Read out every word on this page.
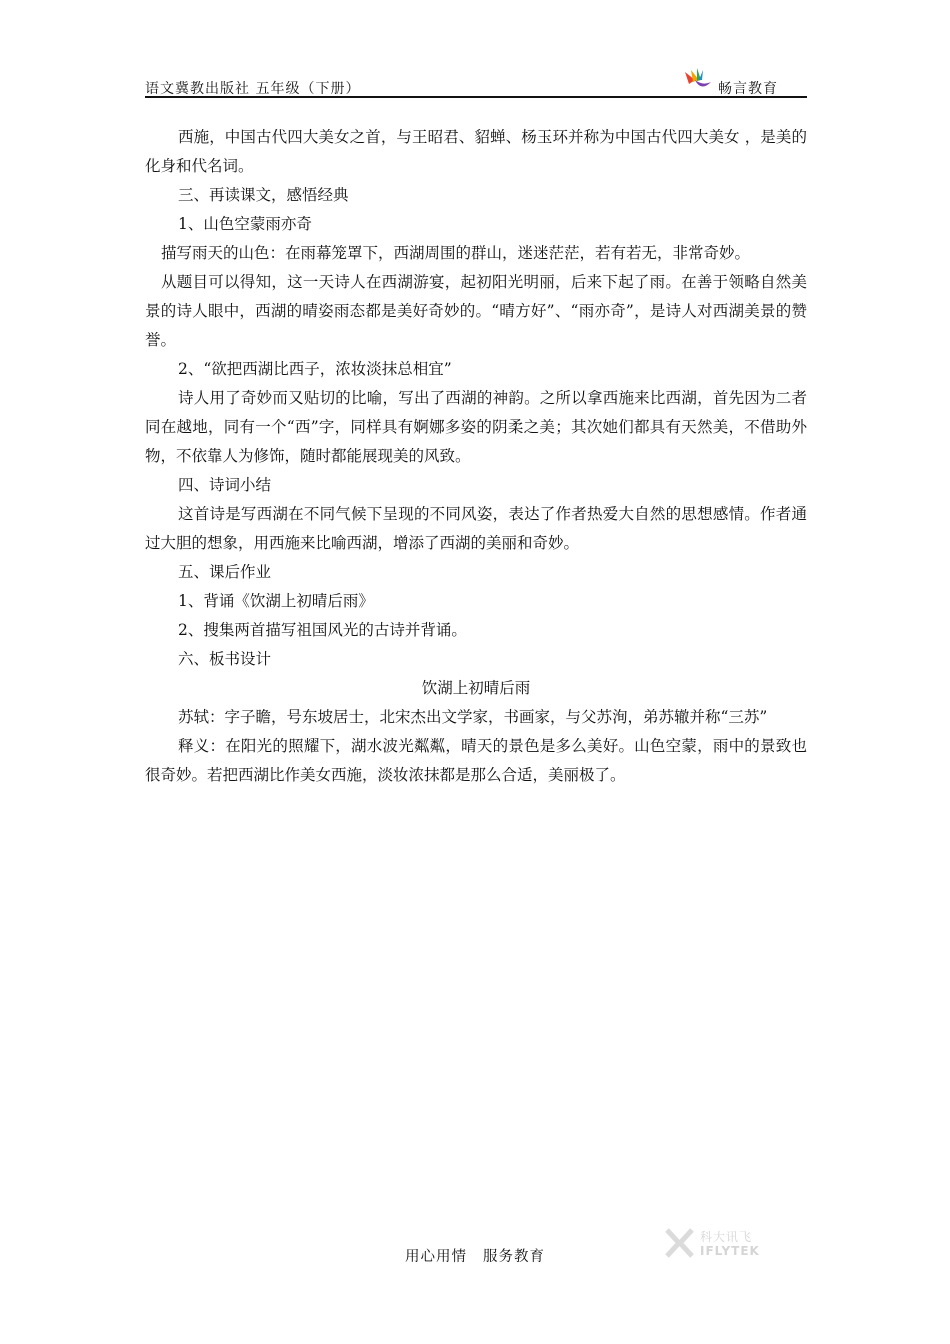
语文冀教出版社 五年级（下册）	畅言教育

西施，中国古代四大美女之首，与王昭君、貂蝉、杨玉环并称为中国古代四大美女 ，是美的化身和代名词。

三、再读课文，感悟经典

1、山色空蒙雨亦奇

描写雨天的山色：在雨幕笼罩下，西湖周围的群山，迷迷茫茫，若有若无，非常奇妙。

从题目可以得知，这一天诗人在西湖游宴，起初阳光明丽，后来下起了雨。在善于领略自然美景的诗人眼中，西湖的晴姿雨态都是美好奇妙的。“晴方好”、“雨亦奇”，是诗人对西湖美景的赞誉。

2、“欲把西湖比西子，浓妆淡抹总相宜”

诗人用了奇妙而又贴切的比喻，写出了西湖的神韵。之所以拿西施来比西湖，首先因为二者同在越地，同有一个“西”字，同样具有婀娜多姿的阴柔之美；其次她们都具有天然美，不借助外物，不依靠人为修饰，随时都能展现美的风致。

四、诗词小结

这首诗是写西湖在不同气候下呈现的不同风姿，表达了作者热爱大自然的思想感情。作者通过大胆的想象，用西施来比喻西湖，增添了西湖的美丽和奇妙。

五、课后作业

1、背诵《饮湖上初晴后雨》

2、搜集两首描写祖国风光的古诗并背诵。

六、板书设计

饮湖上初晴后雨

苏轼：字子瞻，号东坡居士，北宋杰出文学家，书画家，与父苏洵，弟苏辙并称“三苏”

释义：在阳光的照耀下，湖水波光粼粼，晴天的景色是多么美好。山色空蒙，雨中的景致也很奇妙。若把西湖比作美女西施，淡妆浓抹都是那么合适，美丽极了。

用心用情 服务教育
科大讯飞
IFLYTEK
